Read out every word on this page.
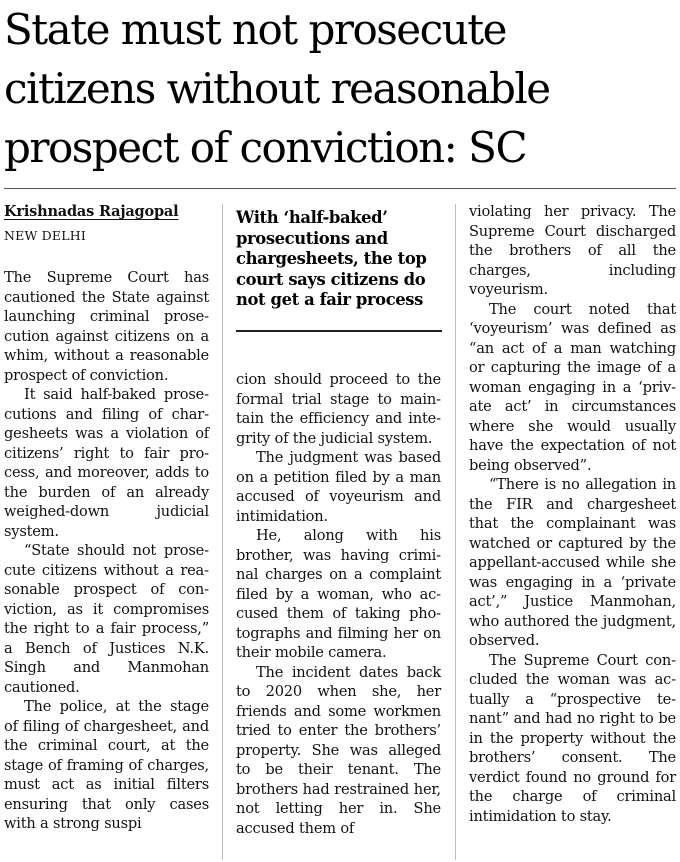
State must not prosecute
citizens without reasonable
prospect of conviction: SC
Krishnadas Rajagopal
NEW DELHI

The Supreme Court has cautioned the State against launching criminal prosecution against citizens on a whim, without a reasonable prospect of conviction.

It said half-baked prosecutions and filing of chargesheets was a violation of citizens’ right to fair process, and moreover, adds to the burden of an already weighed-down judicial system.

“State should not prosecute citizens without a reasonable prospect of conviction, as it compromises the right to a fair process,” a Bench of Justices N.K. Singh and Manmohan cautioned.

The police, at the stage of filing of chargesheet, and the criminal court, at the stage of framing of charges, must act as initial filters ensuring that only cases with a strong suspi

With ‘half-baked’
prosecutions and
chargesheets, the top
court says citizens do
not get a fair process

cion should proceed to the formal trial stage to maintain the efficiency and integrity of the judicial system.

The judgment was based on a petition filed by a man accused of voyeurism and intimidation.

He, along with his brother, was having criminal charges on a complaint filed by a woman, who accused them of taking photographs and filming her on their mobile camera.

The incident dates back to 2020 when she, her friends and some workmen tried to enter the brothers’ property. She was alleged to be their tenant. The brothers had restrained her, not letting her in. She accused them of

violating her privacy. The Supreme Court discharged the brothers of all the charges, including voyeurism.

The court noted that ‘voyeurism’ was defined as “an act of a man watching or capturing the image of a woman engaging in a ‘private act’ in circumstances where she would usually have the expectation of not being observed”.

“There is no allegation in the FIR and chargesheet that the complainant was watched or captured by the appellant-accused while she was engaging in a ‘private act’,” Justice Manmohan, who authored the judgment, observed.

The Supreme Court concluded the woman was actually a “prospective tenant” and had no right to be in the property without the brothers’ consent. The verdict found no ground for the charge of criminal intimidation to stay.
